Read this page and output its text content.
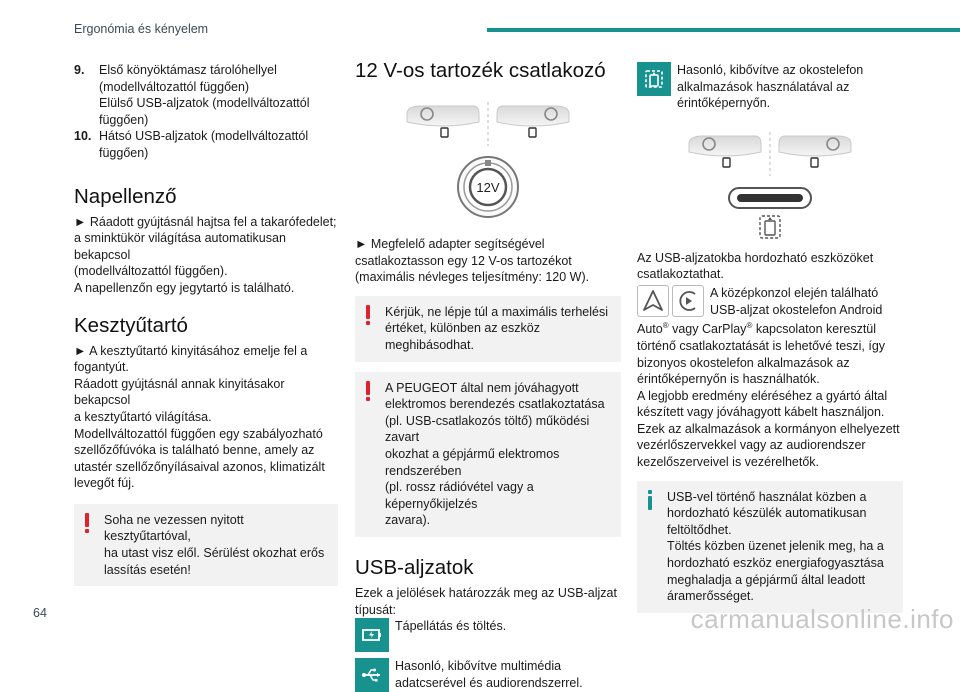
Ergonómia és kényelem
9.	Első könyöktámasz tárolóhellyel
(modellváltozattól függően)
Elülső USB-aljzatok (modellváltozattól
függően)
10. Hátsó USB-aljzatok (modellváltozattól
függően)
Napellenző

► Ráadott gyújtásnál hajtsa fel a takarófedelet;
a sminktükör világítása automatikusan bekapcsol
(modellváltozattól függően).
A napellenzőn egy jegytartó is található.

Kesztyűtartó

► A kesztyűtartó kinyitásához emelje fel a
fogantyút.
Ráadott gyújtásnál annak kinyitásakor bekapcsol
a kesztyűtartó világítása.
Modellváltozattól függően egy szabályozható
szellőzőfúvóka is található benne, amely az
utastér szellőzőnyílásaival azonos, klimatizált
levegőt fúj.

Soha ne vezessen nyitott kesztyűtartóval,
ha utast visz elől. Sérülést okozhat erős
lassítás esetén!

12 V-os tartozék csatlakozó
12V

► Megfelelő adapter segítségével
csatlakoztasson egy 12 V-os tartozékot
(maximális névleges teljesítmény: 120 W).

Kérjük, ne lépje túl a maximális terhelési
értéket, különben az eszköz
meghibásodhat.

A PEUGEOT által nem jóváhagyott
elektromos berendezés csatlakoztatása
(pl. USB-csatlakozós töltő) működési zavart
okozhat a gépjármű elektromos rendszerében
(pl. rossz rádióvétel vagy a képernyőkijelzés
zavara).

USB-aljzatok

Ezek a jelölések határozzák meg az USB-aljzat
típusát:

Tápellátás és töltés.
Hasonló, kibővítve multimédia
adatcserével és audiorendszerrel.
Hasonló, kibővítve az okostelefon
alkalmazások használatával az
érintőképernyőn.

Az USB-aljzatokba hordozható eszközöket
csatlakoztathat.

A középkonzol elején található
USB-aljzat okostelefon Android
Auto® vagy CarPlay® kapcsolaton keresztül
történő csatlakoztatását is lehetővé teszi, így
bizonyos okostelefon alkalmazások az
érintőképernyőn is használhatók.
A legjobb eredmény eléréséhez a gyártó által
készített vagy jóváhagyott kábelt használjon.
Ezek az alkalmazások a kormányon elhelyezett
vezérlőszervekkel vagy az audiorendszer
kezelőszerveivel is vezérelhetők.

USB-vel történő használat közben a
hordozható készülék automatikusan
feltöltődhet.
Töltés közben üzenet jelenik meg, ha a
hordozható eszköz energiafogyasztása
meghaladja a gépjármű által leadott
áramerősséget.

64	carmanualsonline.info
